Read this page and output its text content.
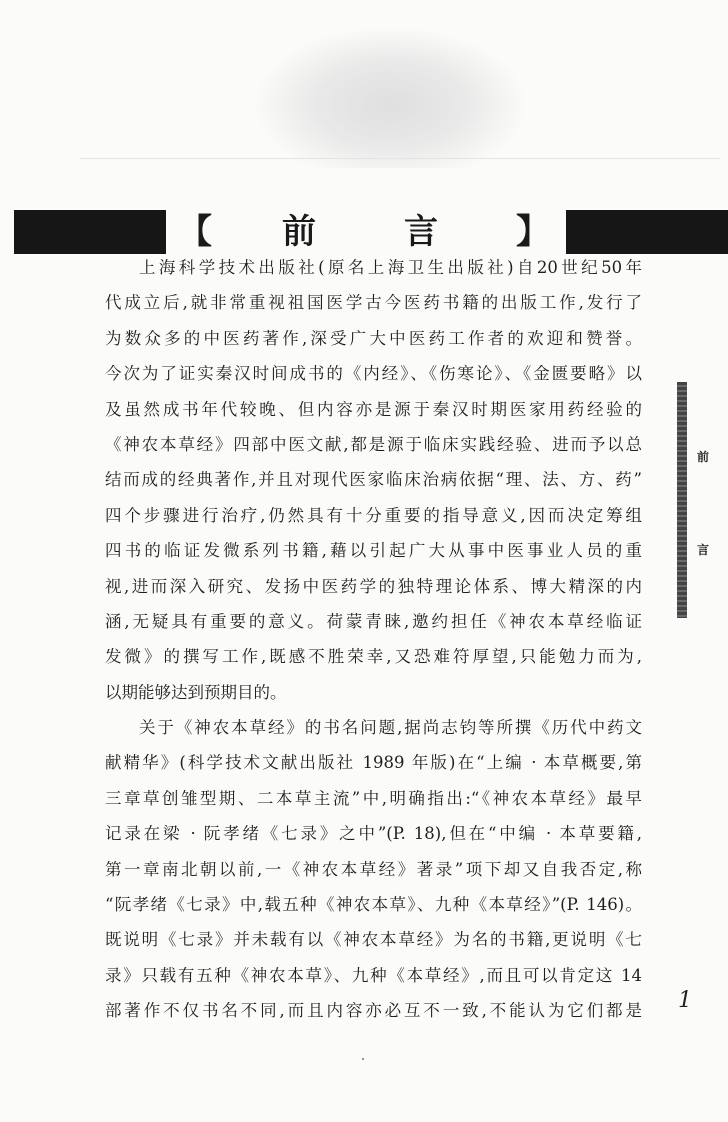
【 前	言 】
上海科学技术出版社(原名上海卫生出版社)自20世纪50年
代成立后,就非常重视祖国医学古今医药书籍的出版工作,发行了
为数众多的中医药著作,深受广大中医药工作者的欢迎和赞誉。
今次为了证实秦汉时间成书的《内经》、《伤寒论》、《金匮要略》以
及虽然成书年代较晚、但内容亦是源于秦汉时期医家用药经验的
《神农本草经》四部中医文献,都是源于临床实践经验、进而予以总
结而成的经典著作,并且对现代医家临床治病依据“理、法、方、药”
四个步骤进行治疗,仍然具有十分重要的指导意义,因而决定筹组
四书的临证发微系列书籍,藉以引起广大从事中医事业人员的重
视,进而深入研究、发扬中医药学的独特理论体系、博大精深的内
涵,无疑具有重要的意义。荷蒙青睐,邀约担任《神农本草经临证
发微》的撰写工作,既感不胜荣幸,又恐难符厚望,只能勉力而为,
以期能够达到预期目的。
关于《神农本草经》的书名问题,据尚志钧等所撰《历代中药文
献精华》(科学技术文献出版社 1989 年版)在“上编 · 本草概要,第
三章草创雏型期、二本草主流”中,明确指出:“《神农本草经》最早
记录在梁 · 阮孝绪《七录》之中”(P. 18),但在“中编 · 本草要籍,
第一章南北朝以前,一《神农本草经》著录”项下却又自我否定,称
“阮孝绪《七录》中,载五种《神农本草》、九种《本草经》”(P. 146)。
既说明《七录》并未载有以《神农本草经》为名的书籍,更说明《七
录》只载有五种《神农本草》、九种《本草经》,而且可以肯定这 14
部著作不仅书名不同,而且内容亦必互不一致,不能认为它们都是
前
言
1
